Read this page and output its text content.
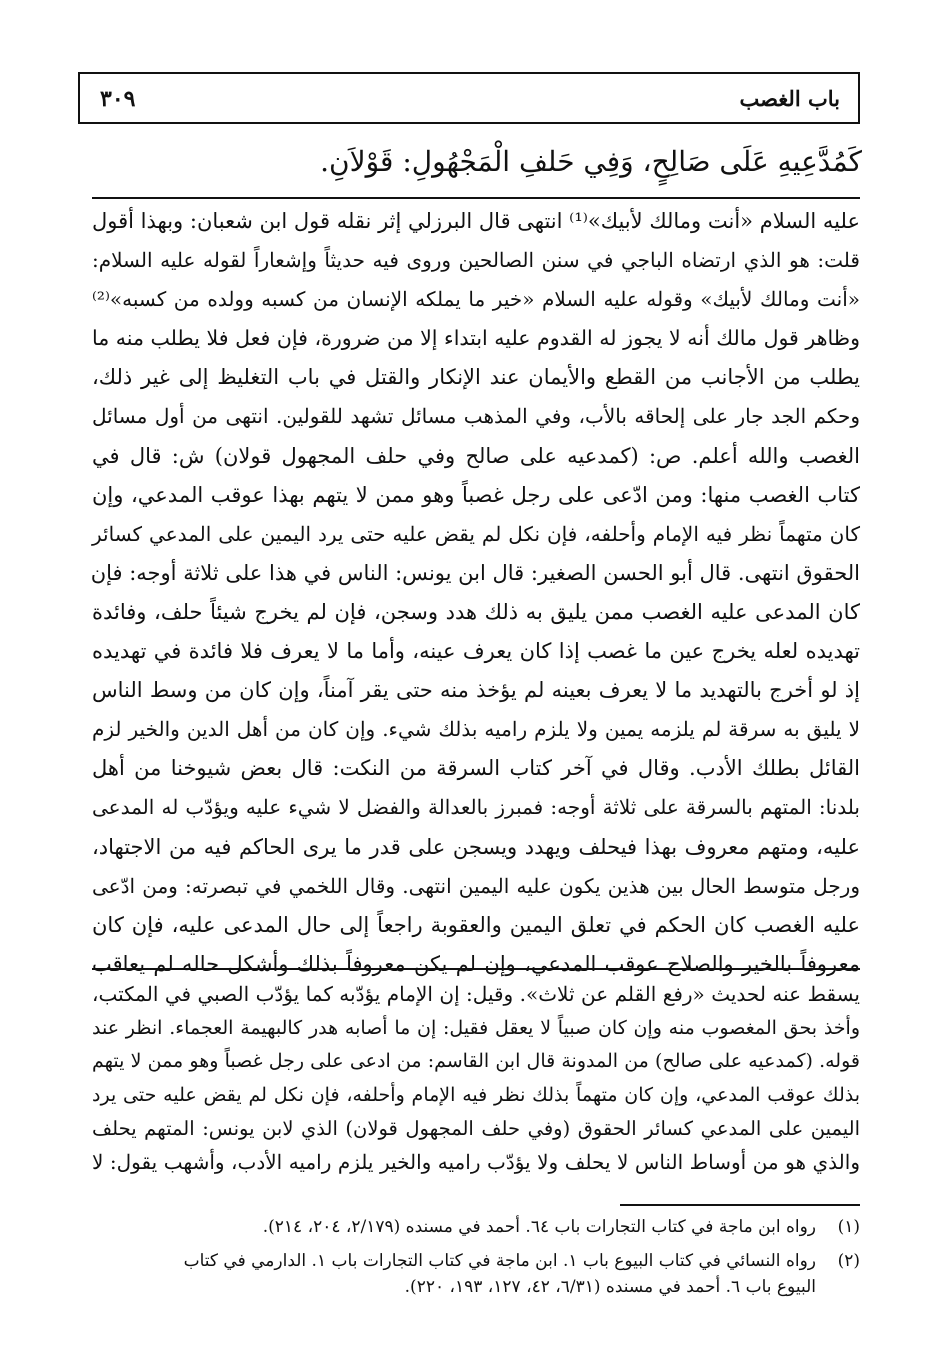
٣٠٩	باب الغصب
كَمُدَّعِيهِ عَلَى صَالِحٍ، وَفِي حَلفِ الْمَجْهُولِ: قَوْلاَنِ.
عليه السلام «أنت ومالك لأبيك»⁽¹⁾ انتهى قال البرزلي إثر نقله قول ابن شعبان: وبهذا أقول
قلت: هو الذي ارتضاه الباجي في سنن الصالحين وروى فيه حديثاً وإشعاراً لقوله عليه السلام:
«أنت ومالك لأبيك» وقوله عليه السلام «خير ما يملكه الإنسان من كسبه وولده من كسبه»⁽²⁾
وظاهر قول مالك أنه لا يجوز له القدوم عليه ابتداء إلا من ضرورة، فإن فعل فلا يطلب منه ما
يطلب من الأجانب من القطع والأيمان عند الإنكار والقتل في باب التغليظ إلى غير ذلك،
وحكم الجد جار على إلحاقه بالأب، وفي المذهب مسائل تشهد للقولين. انتهى من أول مسائل
الغصب والله أعلم. ص: (كمدعيه على صالح وفي حلف المجهول قولان) ش: قال في
كتاب الغصب منها: ومن ادّعى على رجل غصباً وهو ممن لا يتهم بهذا عوقب المدعي، وإن
كان متهماً نظر فيه الإمام وأحلفه، فإن نكل لم يقض عليه حتى يرد اليمين على المدعي كسائر
الحقوق انتهى. قال أبو الحسن الصغير: قال ابن يونس: الناس في هذا على ثلاثة أوجه: فإن
كان المدعى عليه الغصب ممن يليق به ذلك هدد وسجن، فإن لم يخرج شيئاً حلف، وفائدة
تهديده لعله يخرج عين ما غصب إذا كان يعرف عينه، وأما ما لا يعرف فلا فائدة في تهديده
إذ لو أخرج بالتهديد ما لا يعرف بعينه لم يؤخذ منه حتى يقر آمناً، وإن كان من وسط الناس
لا يليق به سرقة لم يلزمه يمين ولا يلزم راميه بذلك شيء. وإن كان من أهل الدين والخير لزم
القائل بطلك الأدب. وقال في آخر كتاب السرقة من النكت: قال بعض شيوخنا من أهل
بلدنا: المتهم بالسرقة على ثلاثة أوجه: فمبرز بالعدالة والفضل لا شيء عليه ويؤدّب له المدعى
عليه، ومتهم معروف بهذا فيحلف ويهدد ويسجن على قدر ما يرى الحاكم فيه من الاجتهاد،
ورجل متوسط الحال بين هذين يكون عليه اليمين انتهى. وقال اللخمي في تبصرته: ومن ادّعى
عليه الغصب كان الحكم في تعلق اليمين والعقوبة راجعاً إلى حال المدعى عليه، فإن كان
معروفاً بالخير والصلاح عوقب المدعي، وإن لم يكن معروفاً بذلك وأشكل حاله لم يعاقب
يسقط عنه لحديث «رفع القلم عن ثلاث». وقيل: إن الإمام يؤدّبه كما يؤدّب الصبي في المكتب،
وأخذ بحق المغصوب منه وإن كان صبياً لا يعقل فقيل: إن ما أصابه هدر كالبهيمة العجماء. انظر عند
قوله. (كمدعيه على صالح) من المدونة قال ابن القاسم: من ادعى على رجل غصباً وهو ممن لا يتهم
بذلك عوقب المدعي، وإن كان متهماً بذلك نظر فيه الإمام وأحلفه، فإن نكل لم يقض عليه حتى يرد
اليمين على المدعي كسائر الحقوق (وفي حلف المجهول قولان) الذي لابن يونس: المتهم يحلف
والذي هو من أوساط الناس لا يحلف ولا يؤدّب راميه والخير يلزم راميه الأدب، وأشهب يقول: لا
(١)رواه ابن ماجة في كتاب التجارات باب ٦٤. أحمد في مسنده (٢/١٧٩، ٢٠٤، ٢١٤).
(٢)رواه النسائي في كتاب البيوع باب ١. ابن ماجة في كتاب التجارات باب ١. الدارمي في كتاب
البيوع باب ٦. أحمد في مسنده (٦/٣١، ٤٢، ١٢٧، ١٩٣، ٢٢٠).
